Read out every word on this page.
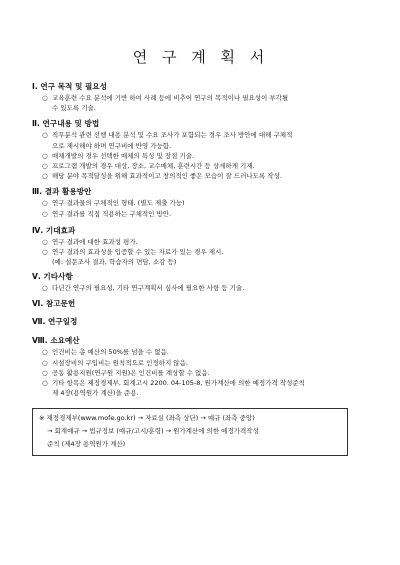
연 구 계 획 서
Ⅰ. 연구 목적 및 필요성
○ 교육훈련 수요 분석에 기반 하여 사례 등에 비추어 연구의 목적이나 필요성이 부각될
수 있도록 기술.
Ⅱ. 연구내용 및 방법
○ 직무분석 관련 선행 내용 분석 및 수요 조사가 포함되는 경우 조사 방안에 대해 구체적
으로 제시해야 하며 연구비에 반영 가능함.
○ 매체개발의 경우 선택한 매체의 특성 및 장점 기술.
○ 프로그램 개발의 경우 대상, 장소, 교수매체, 훈련시간 등 상세하게 기재.
○ 해당 분야 목적달성을 위해 효과적이고 창의적인 좋은 모습이 잘 드러나도록 작성.
Ⅲ. 결과 활용방안
○ 연구 결과물의 구체적인 형태. (별도 제출 가능)
○ 연구 결과를 직접 적용하는 구체적인 방안.
Ⅳ. 기대효과
○ 연구 결과에 대한 효과성 평가.
○ 연구 결과의 효과성을 입증할 수 있는 자료가 있는 경우 제시.
(예: 설문조사 결과, 학습자의 면담, 소감 등)
Ⅴ. 기타사항
○ 다년간 연구의 필요성, 기타 연구계획서 심사에 필요한 사항 등 기술.
Ⅵ. 참고문헌
Ⅶ. 연구일정
Ⅷ. 소요예산
○ 인건비는 총 예산의 50%를 넘을 수 없음.
○ 시설장비의 구입비는 원칙적으로 인정하지 않음.
○ 공동 활용지원(연구원 지원)은 인건비를 계상할 수 없음.
○ 기타 항목은 재정경제부, 회계고시 2200. 04-105-8, 원가계산에 의한 예정가격 작성준칙
제 4장(용역원가 계산)을 준용.
※ 재정경제부(www.mofe.go.kr) → 자료실 (좌측 상단) → 예규 (좌측 중앙)
→ 회계예규 → 법규정보 (예규/고시/훈령) → 원가계산에 의한 예정가격작성
준칙 (제4장 용역원가 계산)
